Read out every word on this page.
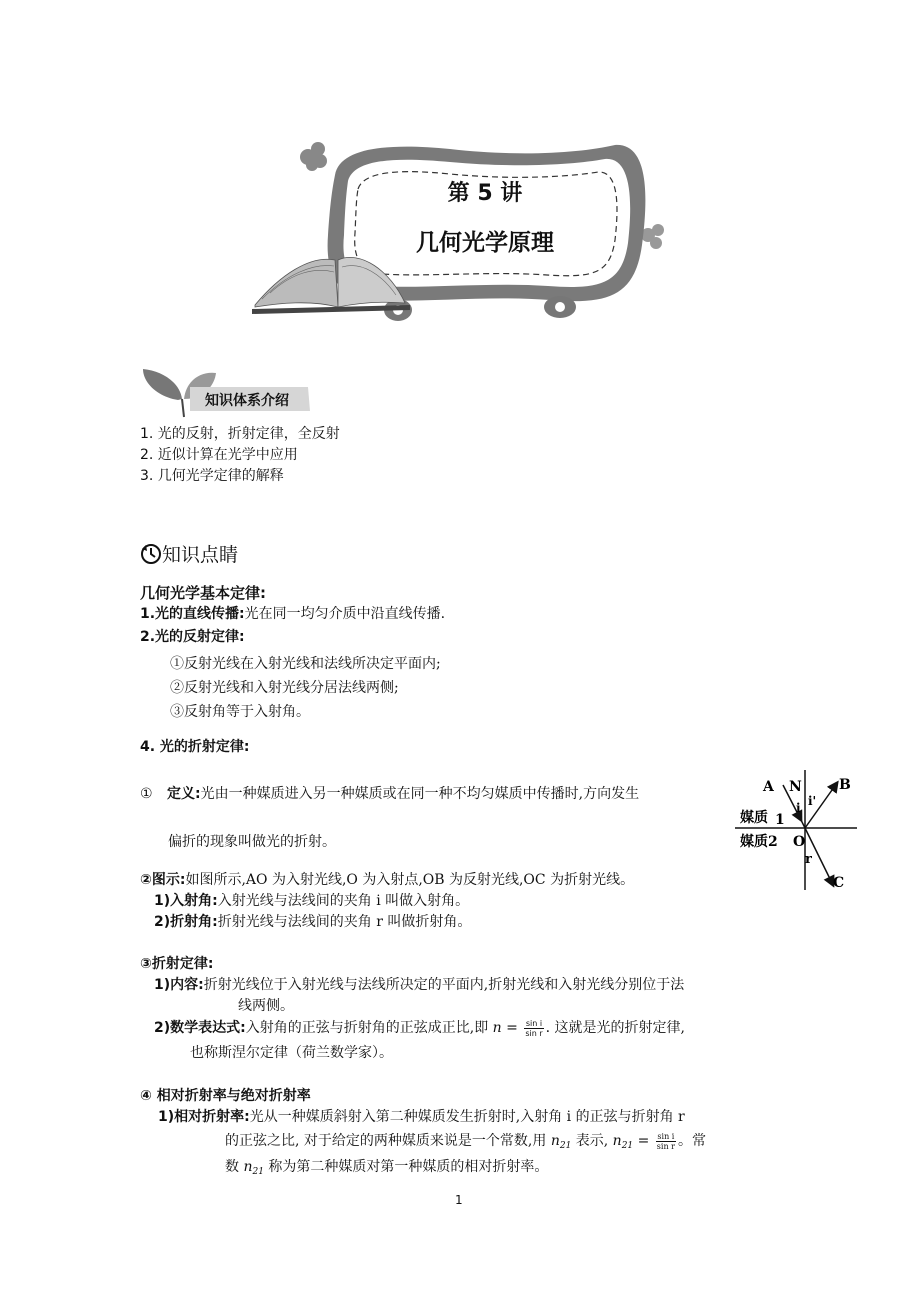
第 5 讲
几何光学原理
知识体系介绍
1. 光的反射，折射定律，全反射
2. 近似计算在光学中应用
3. 几何光学定律的解释
知识点睛
几何光学基本定律:
1.光的直线传播:光在同一均匀介质中沿直线传播.
2.光的反射定律:
①反射光线在入射光线和法线所决定平面内;
②反射光线和入射光线分居法线两侧;
③反射角等于入射角。
4. 光的折射定律:
① 定义:光由一种媒质进入另一种媒质或在同一种不均匀媒质中传播时,方向发生
偏折的现象叫做光的折射。
A N	B
i i'
媒质 1
媒质2 O
r
C
②图示:如图所示,AO 为入射光线,O 为入射点,OB 为反射光线,OC 为折射光线。
1)入射角:入射光线与法线间的夹角 i 叫做入射角。
2)折射角:折射光线与法线间的夹角 r 叫做折射角。
③折射定律:
1)内容:折射光线位于入射光线与法线所决定的平面内,折射光线和入射光线分别位于法
线两侧。
2)数学表达式:入射角的正弦与折射角的正弦成正比,即 $n = \frac{\text{sin i}}{\text{sin r}}$ . 这就是光的折射定律,
也称斯涅尔定律（荷兰数学家）。
④ 相对折射率与绝对折射率
1)相对折射率:光从一种媒质斜射入第二种媒质发生折射时,入射角 i 的正弦与折射角 r
的正弦之比, 对于给定的两种媒质来说是一个常数,用 $n_{21}$ 表示, $n_{21} = \frac{\text{sin i}}{\text{sin r}}$ 。常
数 $n_{21}$ 称为第二种媒质对第一种媒质的相对折射率。
1
